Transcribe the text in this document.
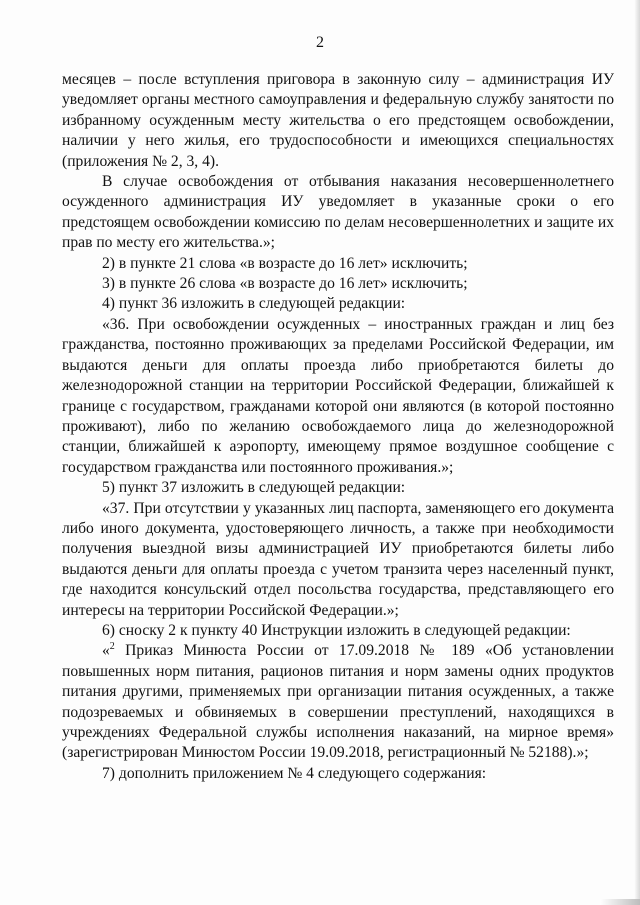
2

месяцев – после вступления приговора в законную силу – администрация ИУ уведомляет органы местного самоуправления и федеральную службу занятости по избранному осужденным месту жительства о его предстоящем освобождении, наличии у него жилья, его трудоспособности и имеющихся специальностях (приложения № 2, 3, 4).

В случае освобождения от отбывания наказания несовершеннолетнего осужденного администрация ИУ уведомляет в указанные сроки о его предстоящем освобождении комиссию по делам несовершеннолетних и защите их прав по месту его жительства.»;

2) в пункте 21 слова «в возрасте до 16 лет» исключить;

3) в пункте 26 слова «в возрасте до 16 лет» исключить;

4) пункт 36 изложить в следующей редакции:

«36. При освобождении осужденных – иностранных граждан и лиц без гражданства, постоянно проживающих за пределами Российской Федерации, им выдаются деньги для оплаты проезда либо приобретаются билеты до железнодорожной станции на территории Российской Федерации, ближайшей к границе с государством, гражданами которой они являются (в которой постоянно проживают), либо по желанию освобождаемого лица до железнодорожной станции, ближайшей к аэропорту, имеющему прямое воздушное сообщение с государством гражданства или постоянного проживания.»;

5) пункт 37 изложить в следующей редакции:

«37. При отсутствии у указанных лиц паспорта, заменяющего его документа либо иного документа, удостоверяющего личность, а также при необходимости получения выездной визы администрацией ИУ приобретаются билеты либо выдаются деньги для оплаты проезда с учетом транзита через населенный пункт, где находится консульский отдел посольства государства, представляющего его интересы на территории Российской Федерации.»;

6) сноску 2 к пункту 40 Инструкции изложить в следующей редакции:

«$^2$ Приказ Минюста России от 17.09.2018 № 189 «Об установлении повышенных норм питания, рационов питания и норм замены одних продуктов питания другими, применяемых при организации питания осужденных, а также подозреваемых и обвиняемых в совершении преступлений, находящихся в учреждениях Федеральной службы исполнения наказаний, на мирное время» (зарегистрирован Минюстом России 19.09.2018, регистрационный № 52188).»;

7) дополнить приложением № 4 следующего содержания:
